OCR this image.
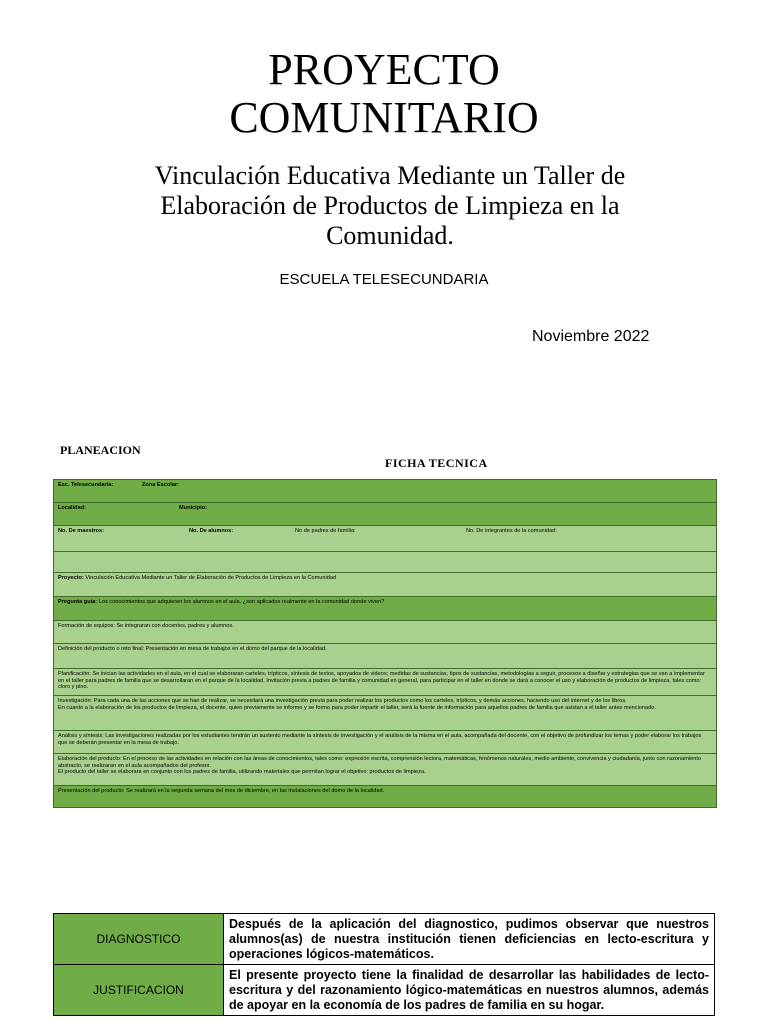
PROYECTO
COMUNITARIO
Vinculación Educativa Mediante un Taller de Elaboración de Productos de Limpieza en la Comunidad.
ESCUELA TELESECUNDARIA
Noviembre 2022
PLANEACION
FICHA TECNICA
Esc. Telesecundaria:	Zona Escolar:
Localidad:	Municipio:
No. De maestros:	No. De alumnos:	No de padres de familia:	No. De integrantes de la comunidad:
Proyecto: Vinculación Educativa Mediante un Taller de Elaboración de Productos de Limpieza en la Comunidad
Pregunta guía: Los conocimientos que adquieren los alumnos en el aula, ¿son aplicados realmente en la comunidad donde viven?
Formación de equipos: Se integraran con docentes, padres y alumnos.
Definición del producto o reto final: Presentación en mesa de trabajos en el domo del parque de la localidad.
Planificación: Se inician las actividades en el aula, en el cual se elaboraran carteles, trípticos, síntesis de textos, apoyados de videos; medidas de sustancias, tipos de sustancias, metodologías a seguir, procesos a diseñar y estrategias que se van a implementar en el taller para padres de familia que se desarrollaran en el parque de la localidad. Invitación previa a padres de familia y comunidad en general, para participar en el taller en donde se dará a conocer el uso y elaboración de productos de limpieza, tales como: cloro y pino.
Investigación: Para cada una de las acciones que se han de realizar, se necesitará una investigación previa para poder realizar los productos como los carteles, trípticos, y demás acciones, haciendo uso del internet y de los libros.
En cuanto a la elaboración de los productos de limpieza, el docente, quien previamente se informo y se formo para poder impartir el taller, será la fuente de información para aquellos padres de familia que asistan a el taller antes mencionado.
Análisis y síntesis: Las investigaciones realizadas por los estudiantes tendrán un sustento mediante la síntesis de investigación y el análisis de la misma en el aula, acompañada del docente, con el objetivo de profundizar los temas y poder elaborar los trabajos que se deberán presentar en la mesa de trabajo.
Elaboración del producto: En el proceso de las actividades en relación con las áreas de conocimientos, tales como: expresión escrita, comprensión lectora, matemáticas, fenómenos naturales, medio ambiente, convivencia y ciudadanía, junto con razonamiento abstracto, se realizaran en el aula acompañados del profesor.
El producto del taller se elaborara en conjunto con los padres de familia, utilizando materiales que permitan lograr el objetivo: productos de limpieza.
Presentación del producto: Se realizará en la segunda semana del mes de diciembre, en las instalaciones del domo de la localidad.
DIAGNOSTICO	Después de la aplicación del diagnostico, pudimos observar que nuestros alumnos(as) de nuestra institución tienen deficiencias en lecto-escritura y operaciones lógicos-matemáticos.
JUSTIFICACION	El presente proyecto tiene la finalidad de desarrollar las habilidades de lecto-escritura y del razonamiento lógico-matemáticas en nuestros alumnos, además de apoyar en la economía de los padres de familia en su hogar.
